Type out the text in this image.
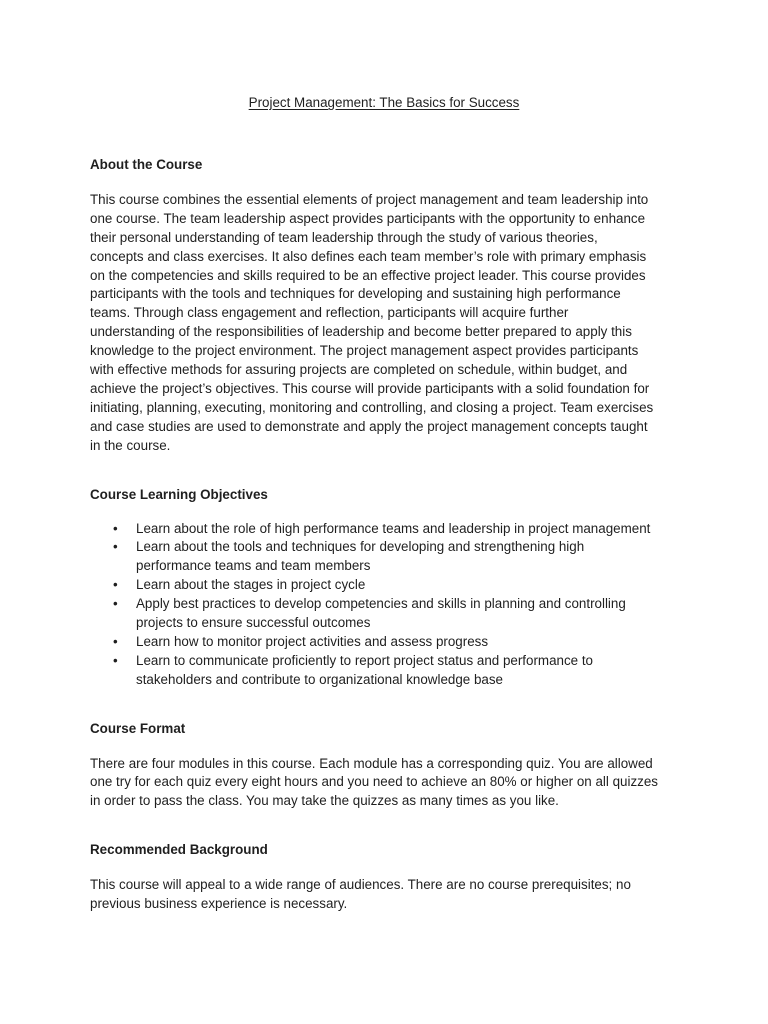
Project Management: The Basics for Success

About the Course

This course combines the essential elements of project management and team leadership into
one course. The team leadership aspect provides participants with the opportunity to enhance
their personal understanding of team leadership through the study of various theories,
concepts and class exercises. It also defines each team member’s role with primary emphasis
on the competencies and skills required to be an effective project leader. This course provides
participants with the tools and techniques for developing and sustaining high performance
teams. Through class engagement and reflection, participants will acquire further
understanding of the responsibilities of leadership and become better prepared to apply this
knowledge to the project environment. The project management aspect provides participants
with effective methods for assuring projects are completed on schedule, within budget, and
achieve the project’s objectives. This course will provide participants with a solid foundation for
initiating, planning, executing, monitoring and controlling, and closing a project. Team exercises
and case studies are used to demonstrate and apply the project management concepts taught
in the course.

Course Learning Objectives

• Learn about the role of high performance teams and leadership in project management
• Learn about the tools and techniques for developing and strengthening high
performance teams and team members
• Learn about the stages in project cycle
• Apply best practices to develop competencies and skills in planning and controlling
projects to ensure successful outcomes
• Learn how to monitor project activities and assess progress
• Learn to communicate proficiently to report project status and performance to
stakeholders and contribute to organizational knowledge base

Course Format

There are four modules in this course. Each module has a corresponding quiz. You are allowed
one try for each quiz every eight hours and you need to achieve an 80% or higher on all quizzes
in order to pass the class. You may take the quizzes as many times as you like.

Recommended Background

This course will appeal to a wide range of audiences. There are no course prerequisites; no
previous business experience is necessary.
